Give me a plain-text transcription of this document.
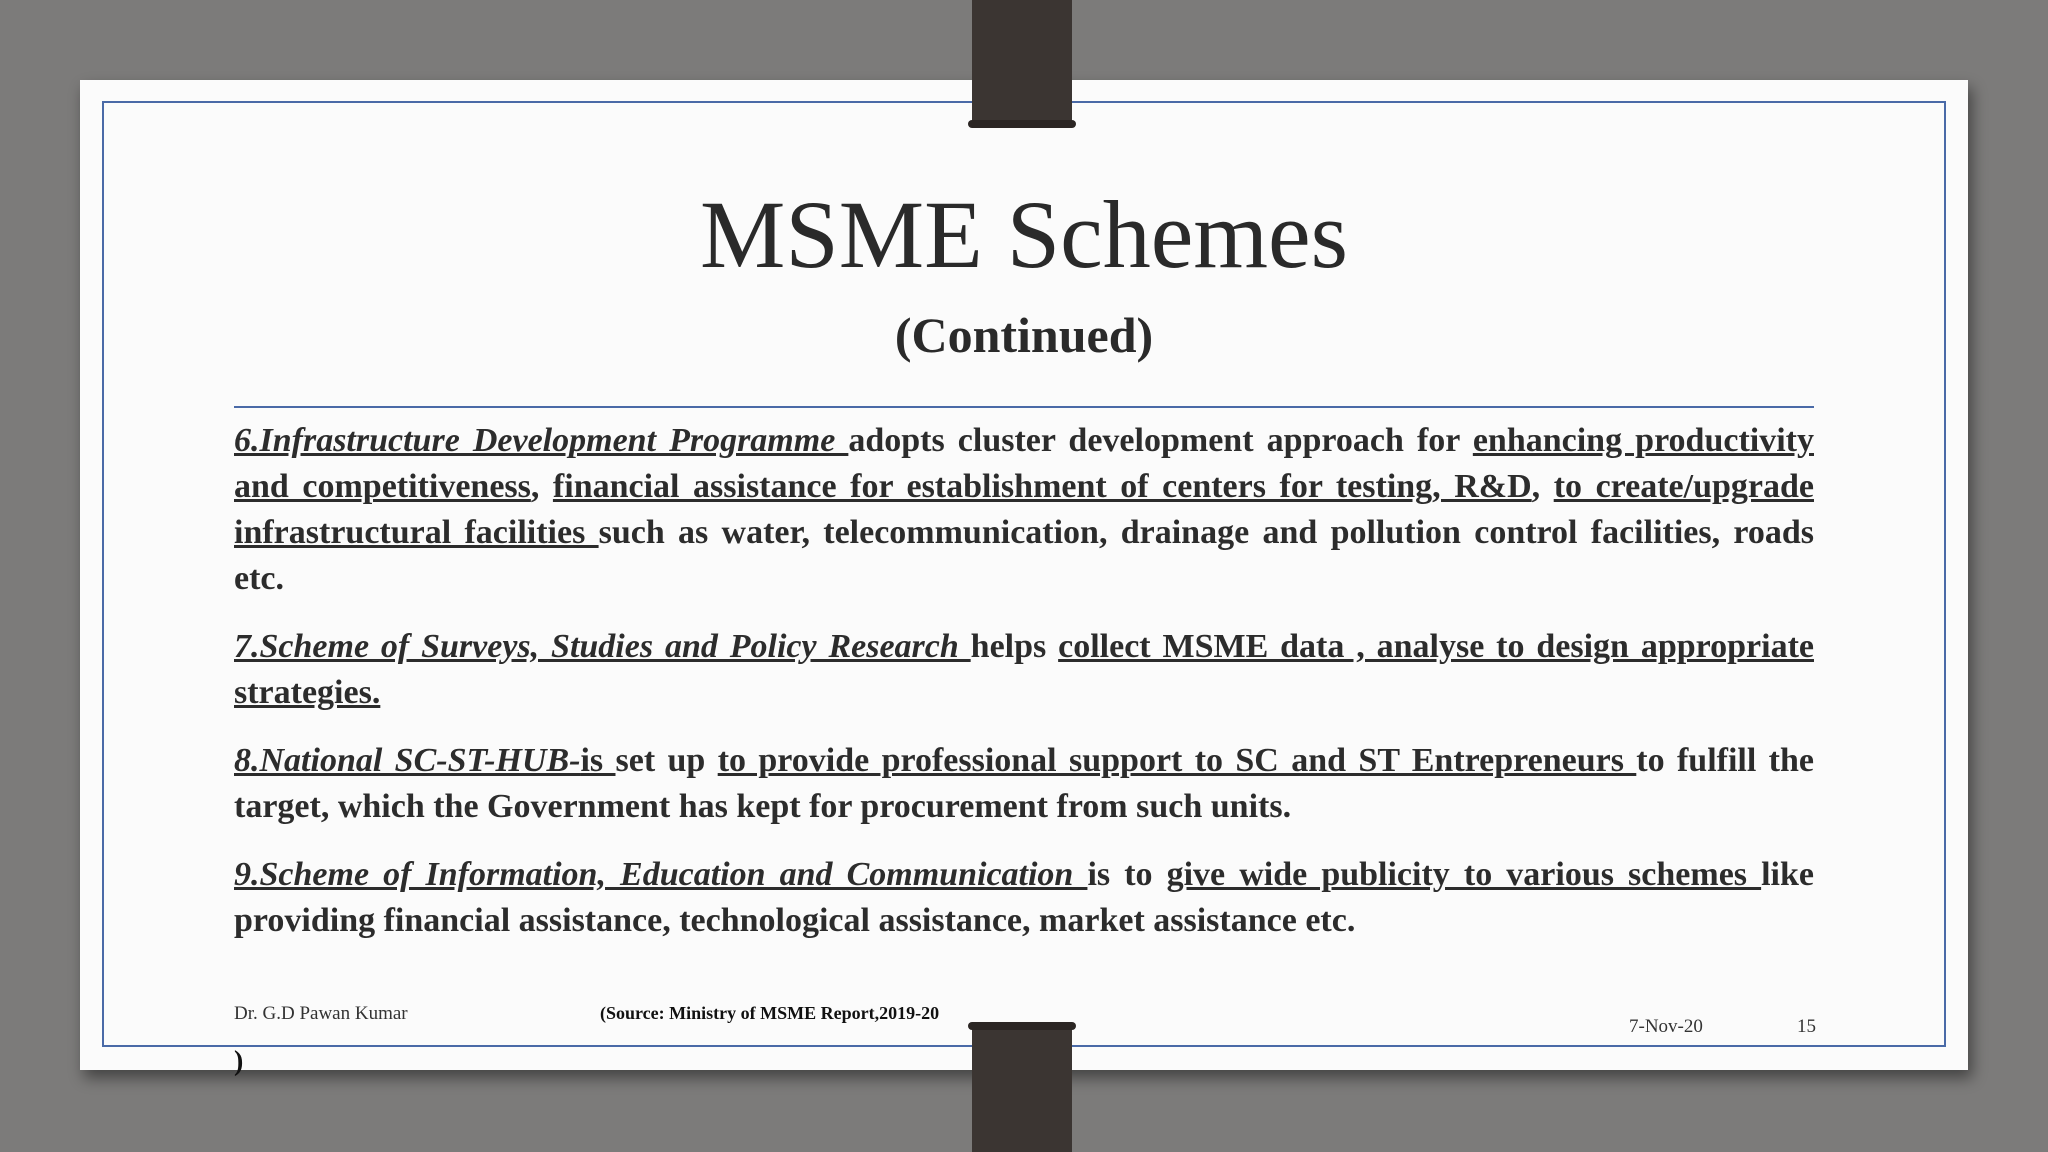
MSME Schemes
(Continued)

6.Infrastructure Development Programme adopts cluster development approach for enhancing productivity and competitiveness, financial assistance for establishment of centers for testing, R&D, to create/upgrade infrastructural facilities such as water, telecommunication, drainage and pollution control facilities, roads etc.

7.Scheme of Surveys, Studies and Policy Research helps collect MSME data , analyse to design appropriate strategies.

8.National SC-ST-HUB-is set up to provide professional support to SC and ST Entrepreneurs to fulfill the target, which the Government has kept for procurement from such units.

9.Scheme of Information, Education and Communication is to give wide publicity to various schemes like providing financial assistance, technological assistance, market assistance etc.

Dr. G.D Pawan Kumar	(Source: Ministry of MSME Report,2019-20
)
7-Nov-20	15
